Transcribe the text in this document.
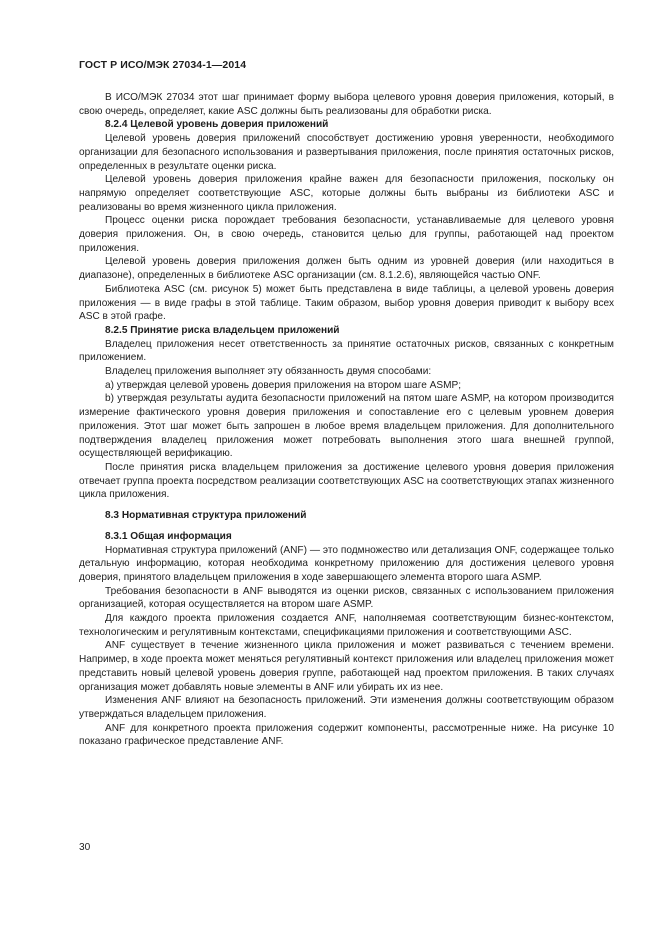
ГОСТ Р ИСО/МЭК 27034-1—2014

В ИСО/МЭК 27034 этот шаг принимает форму выбора целевого уровня доверия приложения, который, в свою очередь, определяет, какие ASC должны быть реализованы для обработки риска.

8.2.4 Целевой уровень доверия приложений

Целевой уровень доверия приложений способствует достижению уровня уверенности, необходимого организации для безопасного использования и развертывания приложения, после принятия остаточных рисков, определенных в результате оценки риска.

Целевой уровень доверия приложения крайне важен для безопасности приложения, поскольку он напрямую определяет соответствующие ASC, которые должны быть выбраны из библиотеки ASC и реализованы во время жизненного цикла приложения.

Процесс оценки риска порождает требования безопасности, устанавливаемые для целевого уровня доверия приложения. Он, в свою очередь, становится целью для группы, работающей над проектом приложения.

Целевой уровень доверия приложения должен быть одним из уровней доверия (или находиться в диапазоне), определенных в библиотеке ASC организации (см. 8.1.2.6), являющейся частью ONF.

Библиотека ASC (см. рисунок 5) может быть представлена в виде таблицы, а целевой уровень доверия приложения — в виде графы в этой таблице. Таким образом, выбор уровня доверия приводит к выбору всех ASC в этой графе.

8.2.5 Принятие риска владельцем приложений

Владелец приложения несет ответственность за принятие остаточных рисков, связанных с конкретным приложением.

Владелец приложения выполняет эту обязанность двумя способами:

a) утверждая целевой уровень доверия приложения на втором шаге ASMP;

b) утверждая результаты аудита безопасности приложений на пятом шаге ASMP, на котором производится измерение фактического уровня доверия приложения и сопоставление его с целевым уровнем доверия приложения. Этот шаг может быть запрошен в любое время владельцем приложения. Для дополнительного подтверждения владелец приложения может потребовать выполнения этого шага внешней группой, осуществляющей верификацию.

После принятия риска владельцем приложения за достижение целевого уровня доверия приложения отвечает группа проекта посредством реализации соответствующих ASC на соответствующих этапах жизненного цикла приложения.

8.3 Нормативная структура приложений

8.3.1 Общая информация

Нормативная структура приложений (ANF) — это подмножество или детализация ONF, содержащее только детальную информацию, которая необходима конкретному приложению для достижения целевого уровня доверия, принятого владельцем приложения в ходе завершающего элемента второго шага ASMP.

Требования безопасности в ANF выводятся из оценки рисков, связанных с использованием приложения организацией, которая осуществляется на втором шаге ASMP.

Для каждого проекта приложения создается ANF, наполняемая соответствующим бизнес-контекстом, технологическим и регулятивным контекстами, спецификациями приложения и соответствующими ASC.

ANF существует в течение жизненного цикла приложения и может развиваться с течением времени. Например, в ходе проекта может меняться регулятивный контекст приложения или владелец приложения может представить новый целевой уровень доверия группе, работающей над проектом приложения. В таких случаях организация может добавлять новые элементы в ANF или убирать их из нее.

Изменения ANF влияют на безопасность приложений. Эти изменения должны соответствующим образом утверждаться владельцем приложения.

ANF для конкретного проекта приложения содержит компоненты, рассмотренные ниже. На рисунке 10 показано графическое представление ANF.

30
